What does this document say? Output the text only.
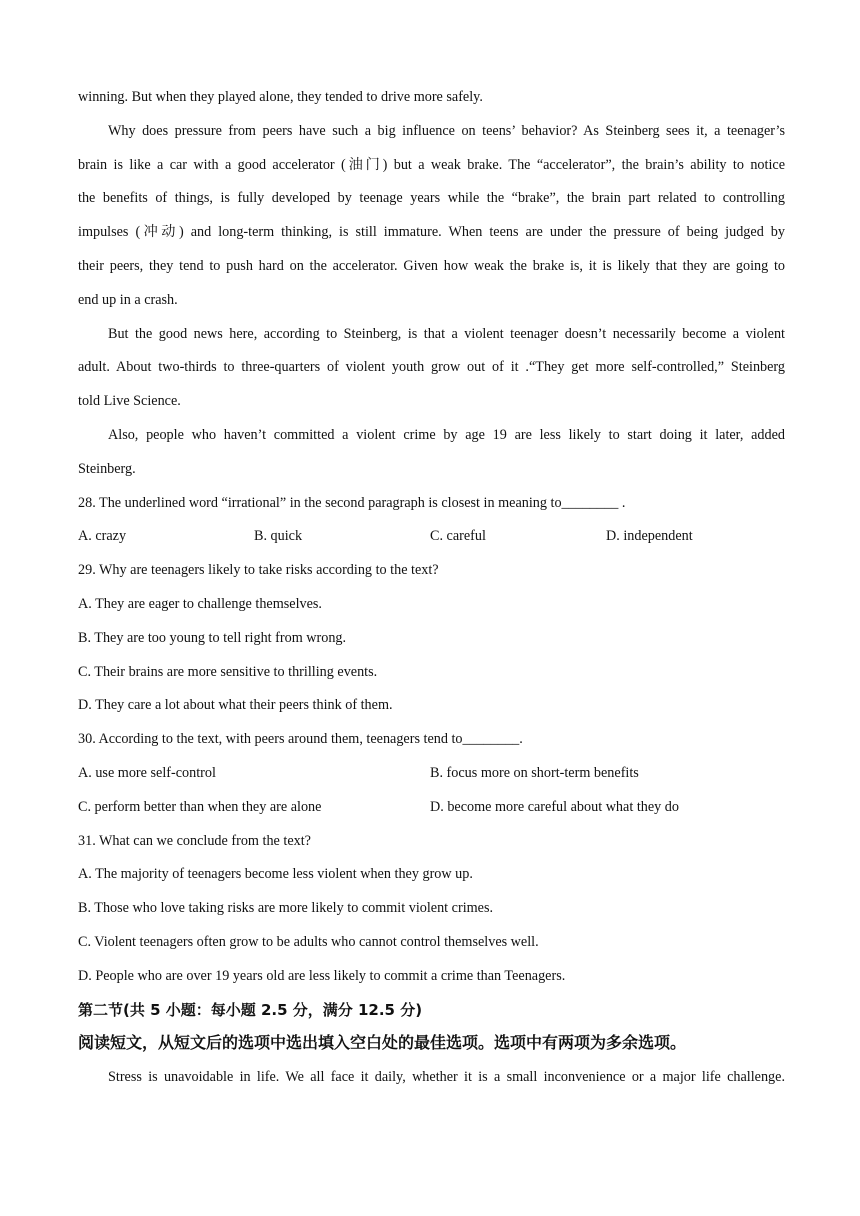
winning. But when they played alone, they tended to drive more safely.
Why does pressure from peers have such a big influence on teens’ behavior? As Steinberg sees it, a teenager’s
brain is like a car with a good accelerator (油门) but a weak brake. The “accelerator”, the brain’s ability to notice
the benefits of things, is fully developed by teenage years while the “brake”, the brain part related to controlling
impulses (冲动) and long-term thinking, is still immature. When teens are under the pressure of being judged by
their peers, they tend to push hard on the accelerator. Given how weak the brake is, it is likely that they are going to
end up in a crash.
But the good news here, according to Steinberg, is that a violent teenager doesn’t necessarily become a violent
adult. About two-thirds to three-quarters of violent youth grow out of it .“They get more self-controlled,” Steinberg
told Live Science.
Also, people who haven’t committed a violent crime by age 19 are less likely to start doing it later, added
Steinberg.
28. The underlined word “irrational” in the second paragraph is closest in meaning to________ .
A. crazy	B. quick	C. careful	D. independent
29. Why are teenagers likely to take risks according to the text?
A. They are eager to challenge themselves.
B. They are too young to tell right from wrong.
C. Their brains are more sensitive to thrilling events.
D. They care a lot about what their peers think of them.
30. According to the text, with peers around them, teenagers tend to________.
A. use more self-control	B. focus more on short-term benefits
C. perform better than when they are alone	D. become more careful about what they do
31. What can we conclude from the text?
A. The majority of teenagers become less violent when they grow up.
B. Those who love taking risks are more likely to commit violent crimes.
C. Violent teenagers often grow to be adults who cannot control themselves well.
D. People who are over 19 years old are less likely to commit a crime than Teenagers.
第二节(共 5 小题：每小题 2.5 分，满分 12.5 分)
阅读短文，从短文后的选项中选出填入空白处的最佳选项。选项中有两项为多余选项。
Stress is unavoidable in life. We all face it daily, whether it is a small inconvenience or a major life challenge.
